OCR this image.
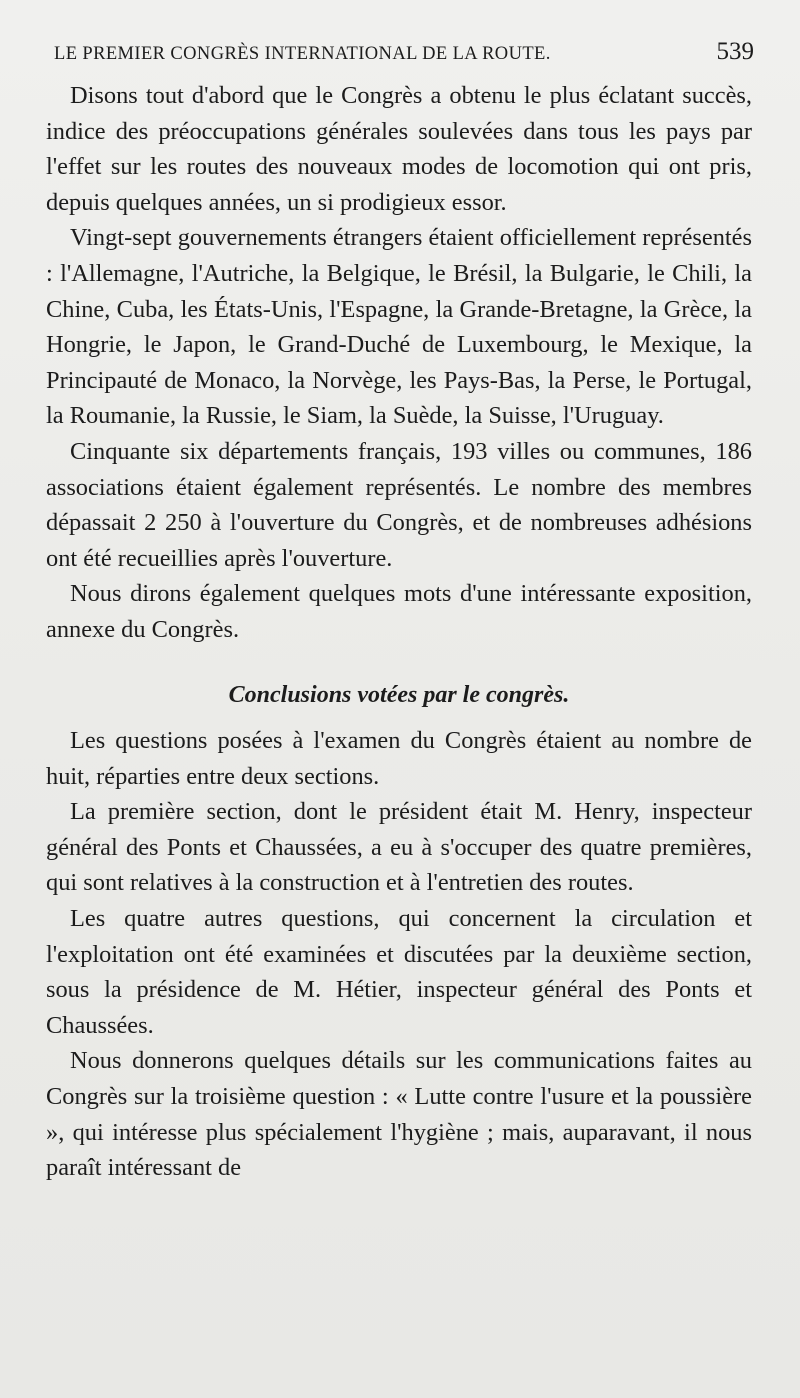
LE PREMIER CONGRÈS INTERNATIONAL DE LA ROUTE.	539

Disons tout d'abord que le Congrès a obtenu le plus éclatant succès, indice des préoccupations générales soulevées dans tous les pays par l'effet sur les routes des nouveaux modes de locomotion qui ont pris, depuis quelques années, un si prodigieux essor.

Vingt-sept gouvernements étrangers étaient officiellement représentés : l'Allemagne, l'Autriche, la Belgique, le Brésil, la Bulgarie, le Chili, la Chine, Cuba, les États-Unis, l'Espagne, la Grande-Bretagne, la Grèce, la Hongrie, le Japon, le Grand-Duché de Luxembourg, le Mexique, la Principauté de Monaco, la Norvège, les Pays-Bas, la Perse, le Portugal, la Roumanie, la Russie, le Siam, la Suède, la Suisse, l'Uruguay.

Cinquante six départements français, 193 villes ou communes, 186 associations étaient également représentés. Le nombre des membres dépassait 2 250 à l'ouverture du Congrès, et de nombreuses adhésions ont été recueillies après l'ouverture.

Nous dirons également quelques mots d'une intéressante exposition, annexe du Congrès.

Conclusions votées par le congrès.

Les questions posées à l'examen du Congrès étaient au nombre de huit, réparties entre deux sections.

La première section, dont le président était M. Henry, inspecteur général des Ponts et Chaussées, a eu à s'occuper des quatre premières, qui sont relatives à la construction et à l'entretien des routes.

Les quatre autres questions, qui concernent la circulation et l'exploitation ont été examinées et discutées par la deuxième section, sous la présidence de M. Hétier, inspecteur général des Ponts et Chaussées.

Nous donnerons quelques détails sur les communications faites au Congrès sur la troisième question : « Lutte contre l'usure et la poussière », qui intéresse plus spécialement l'hygiène ; mais, auparavant, il nous paraît intéressant de
